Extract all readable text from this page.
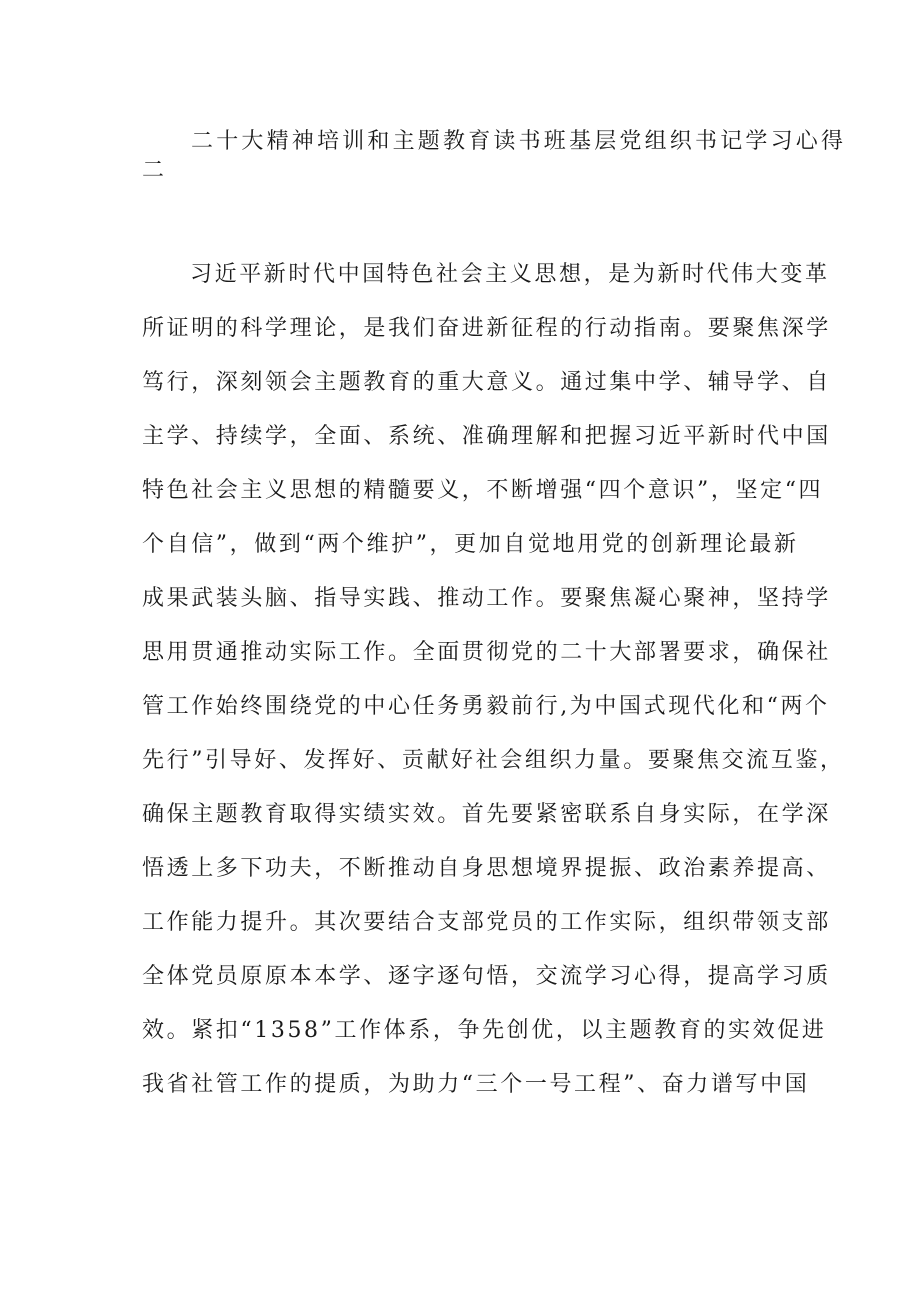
二十大精神培训和主题教育读书班基层党组织书记学习心得
二
习近平新时代中国特色社会主义思想，是为新时代伟大变革
所证明的科学理论，是我们奋进新征程的行动指南。要聚焦深学
笃行，深刻领会主题教育的重大意义。通过集中学、辅导学、自
主学、持续学，全面、系统、准确理解和把握习近平新时代中国
特色社会主义思想的精髓要义，不断增强“四个意识”，坚定“四
个自信”，做到“两个维护”，更加自觉地用党的创新理论最新
成果武装头脑、指导实践、推动工作。要聚焦凝心聚神，坚持学
思用贯通推动实际工作。全面贯彻党的二十大部署要求，确保社
管工作始终围绕党的中心任务勇毅前行,为中国式现代化和“两个
先行”引导好、发挥好、贡献好社会组织力量。要聚焦交流互鉴，
确保主题教育取得实绩实效。首先要紧密联系自身实际，在学深
悟透上多下功夫，不断推动自身思想境界提振、政治素养提高、
工作能力提升。其次要结合支部党员的工作实际，组织带领支部
全体党员原原本本学、逐字逐句悟，交流学习心得，提高学习质
效。紧扣“1358”工作体系，争先创优，以主题教育的实效促进
我省社管工作的提质，为助力“三个一号工程”、奋力谱写中国
